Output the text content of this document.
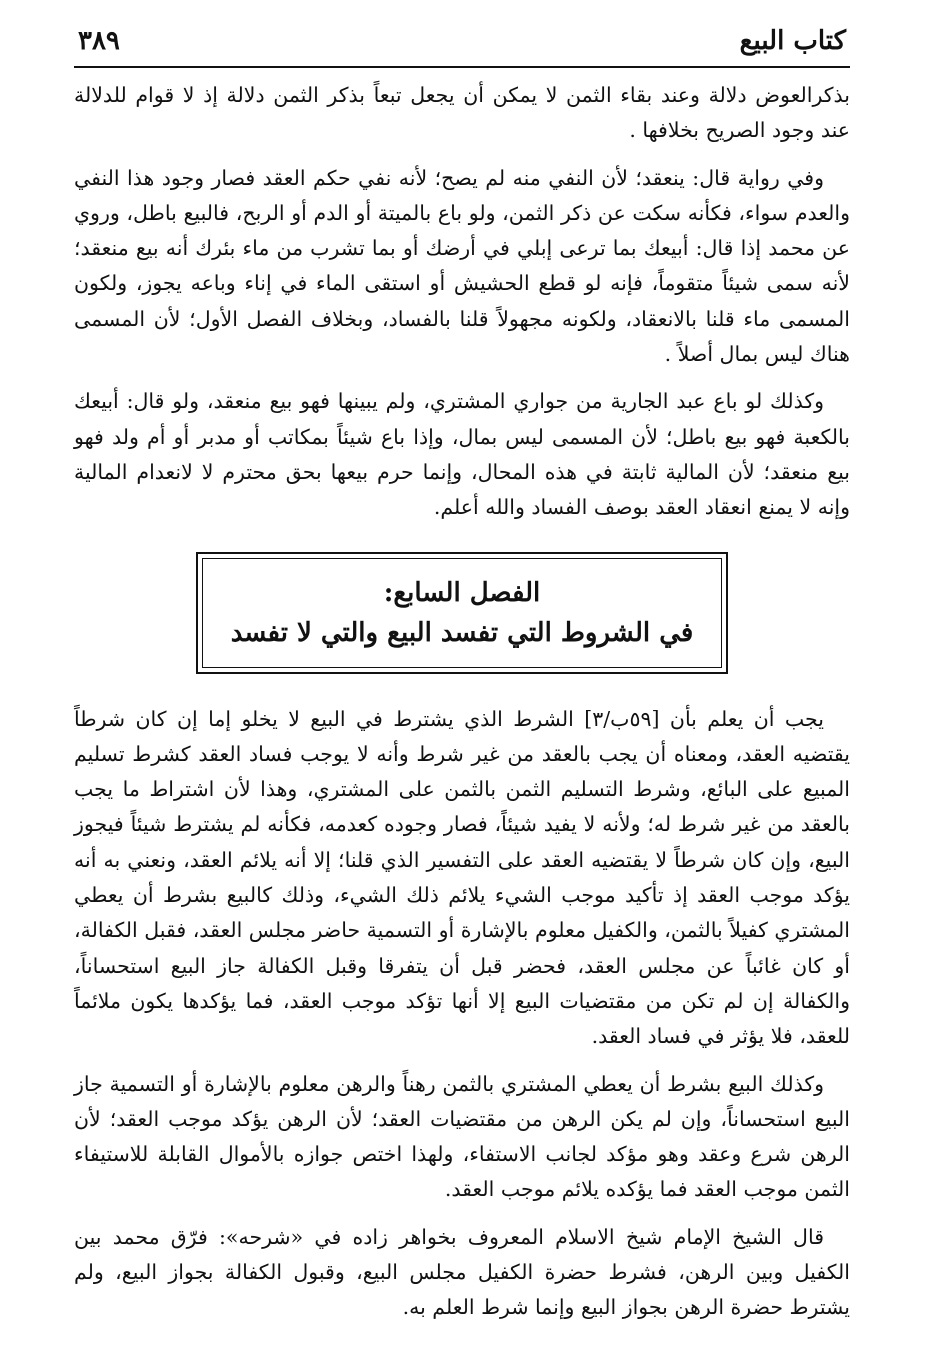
كتاب البيع
٣٨٩

بذكرالعوض دلالة وعند بقاء الثمن لا يمكن أن يجعل تبعاً بذكر الثمن دلالة إذ لا قوام للدلالة عند وجود الصريح بخلافها .

وفي رواية قال: ينعقد؛ لأن النفي منه لم يصح؛ لأنه نفي حكم العقد فصار وجود هذا النفي والعدم سواء، فكأنه سكت عن ذكر الثمن، ولو باع بالميتة أو الدم أو الربح، فالبيع باطل، وروي عن محمد إذا قال: أبيعك بما ترعى إبلي في أرضك أو بما تشرب من ماء بئرك أنه بيع منعقد؛ لأنه سمى شيئاً متقوماً، فإنه لو قطع الحشيش أو استقى الماء في إناء وباعه يجوز، ولكون المسمى ماء قلنا بالانعقاد، ولكونه مجهولاً قلنا بالفساد، وبخلاف الفصل الأول؛ لأن المسمى هناك ليس بمال أصلاً .

وكذلك لو باع عبد الجارية من جواري المشتري، ولم يبينها فهو بيع منعقد، ولو قال: أبيعك بالكعبة فهو بيع باطل؛ لأن المسمى ليس بمال، وإذا باع شيئاً بمكاتب أو مدبر أو أم ولد فهو بيع منعقد؛ لأن المالية ثابتة في هذه المحال، وإنما حرم بيعها بحق محترم لا لانعدام المالية وإنه لا يمنع انعقاد العقد بوصف الفساد والله أعلم.

الفصل السابع:
في الشروط التي تفسد البيع والتي لا تفسد

يجب أن يعلم بأن [٥٩ب/٣] الشرط الذي يشترط في البيع لا يخلو إما إن كان شرطاً يقتضيه العقد، ومعناه أن يجب بالعقد من غير شرط وأنه لا يوجب فساد العقد كشرط تسليم المبيع على البائع، وشرط التسليم الثمن بالثمن على المشتري، وهذا لأن اشتراط ما يجب بالعقد من غير شرط له؛ ولأنه لا يفيد شيئاً، فصار وجوده كعدمه، فكأنه لم يشترط شيئاً فيجوز البيع، وإن كان شرطاً لا يقتضيه العقد على التفسير الذي قلنا؛ إلا أنه يلائم العقد، ونعني به أنه يؤكد موجب العقد إذ تأكيد موجب الشيء يلائم ذلك الشيء، وذلك كالبيع بشرط أن يعطي المشتري كفيلاً بالثمن، والكفيل معلوم بالإشارة أو التسمية حاضر مجلس العقد، فقبل الكفالة، أو كان غائباً عن مجلس العقد، فحضر قبل أن يتفرقا وقبل الكفالة جاز البيع استحساناً، والكفالة إن لم تكن من مقتضيات البيع إلا أنها تؤكد موجب العقد، فما يؤكدها يكون ملائماً للعقد، فلا يؤثر في فساد العقد.

وكذلك البيع بشرط أن يعطي المشتري بالثمن رهناً والرهن معلوم بالإشارة أو التسمية جاز البيع استحساناً، وإن لم يكن الرهن من مقتضيات العقد؛ لأن الرهن يؤكد موجب العقد؛ لأن الرهن شرع وعقد وهو مؤكد لجانب الاستفاء، ولهذا اختص جوازه بالأموال القابلة للاستيفاء الثمن موجب العقد فما يؤكده يلائم موجب العقد.

قال الشيخ الإمام شيخ الاسلام المعروف بخواهر زاده في «شرحه»: فرّق محمد بين الكفيل وبين الرهن، فشرط حضرة الكفيل مجلس البيع، وقبول الكفالة بجواز البيع، ولم يشترط حضرة الرهن بجواز البيع وإنما شرط العلم به.
